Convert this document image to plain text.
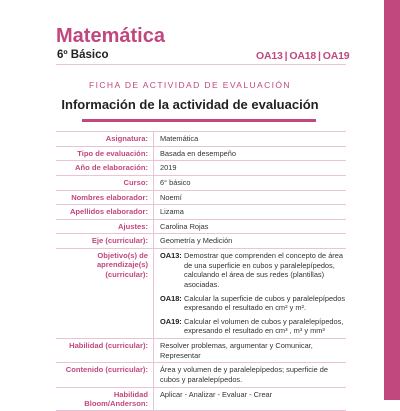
Matemática
6º Básico	OA13 | OA18 | OA19
FICHA DE ACTIVIDAD DE EVALUACIÓN
Información de la actividad de evaluación
Asignatura:	Matemática
Tipo de evaluación:	Basada en desempeño
Año de elaboración:	2019
Curso:	6° básico
Nombres elaborador:	Noemí
Apellidos elaborador:	Lizama
Ajustes:	Carolina Rojas
Eje (curricular):	Geometría y Medición
Objetivo(s) de aprendizaje(s) (curricular):
OA13: Demostrar que comprenden el concepto de área de una superficie en cubos y paralelepípedos, calculando el área de sus redes (plantillas) asociadas.
OA18: Calcular la superficie de cubos y paralelepípedos expresando el resultado en cm² y m².
OA19: Calcular el volumen de cubos y paralelepípedos, expresando el resultado en cm³ , m³ y mm³
Habilidad (curricular):	Resolver problemas, argumentar y Comunicar, Representar
Contenido (curricular):	Área y volumen de y paralelepípedos; superficie de cubos y paralelepípedos.
Habilidad Bloom/Anderson:
Aplicar - Analizar - Evaluar - Crear
